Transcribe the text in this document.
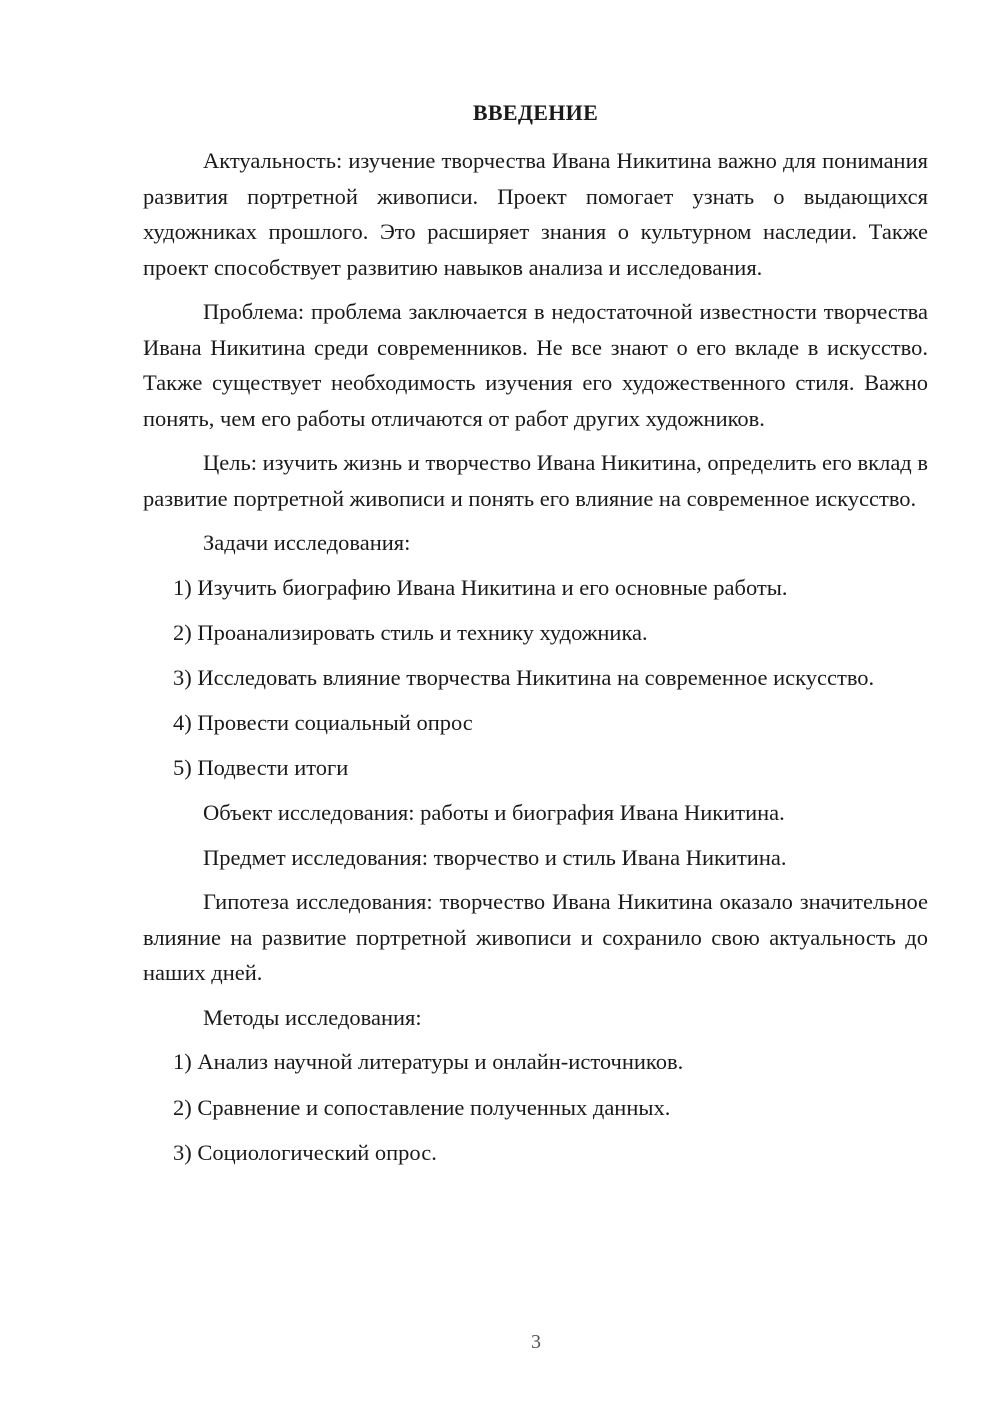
ВВЕДЕНИЕ

Актуальность: изучение творчества Ивана Никитина важно для понимания развития портретной живописи. Проект помогает узнать о выдающихся художниках прошлого. Это расширяет знания о культурном наследии. Также проект способствует развитию навыков анализа и исследования.

Проблема: проблема заключается в недостаточной известности творчества Ивана Никитина среди современников. Не все знают о его вкладе в искусство. Также существует необходимость изучения его художественного стиля. Важно понять, чем его работы отличаются от работ других художников.

Цель: изучить жизнь и творчество Ивана Никитина, определить его вклад в развитие портретной живописи и понять его влияние на современное искусство.

Задачи исследования:

1) Изучить биографию Ивана Никитина и его основные работы.

2) Проанализировать стиль и технику художника.

3) Исследовать влияние творчества Никитина на современное искусство.

4) Провести социальный опрос

5) Подвести итоги

Объект исследования: работы и биография Ивана Никитина.

Предмет исследования: творчество и стиль Ивана Никитина.

Гипотеза исследования: творчество Ивана Никитина оказало значительное влияние на развитие портретной живописи и сохранило свою актуальность до наших дней.

Методы исследования:

1) Анализ научной литературы и онлайн-источников.

2) Сравнение и сопоставление полученных данных.

3) Социологический опрос.

3
